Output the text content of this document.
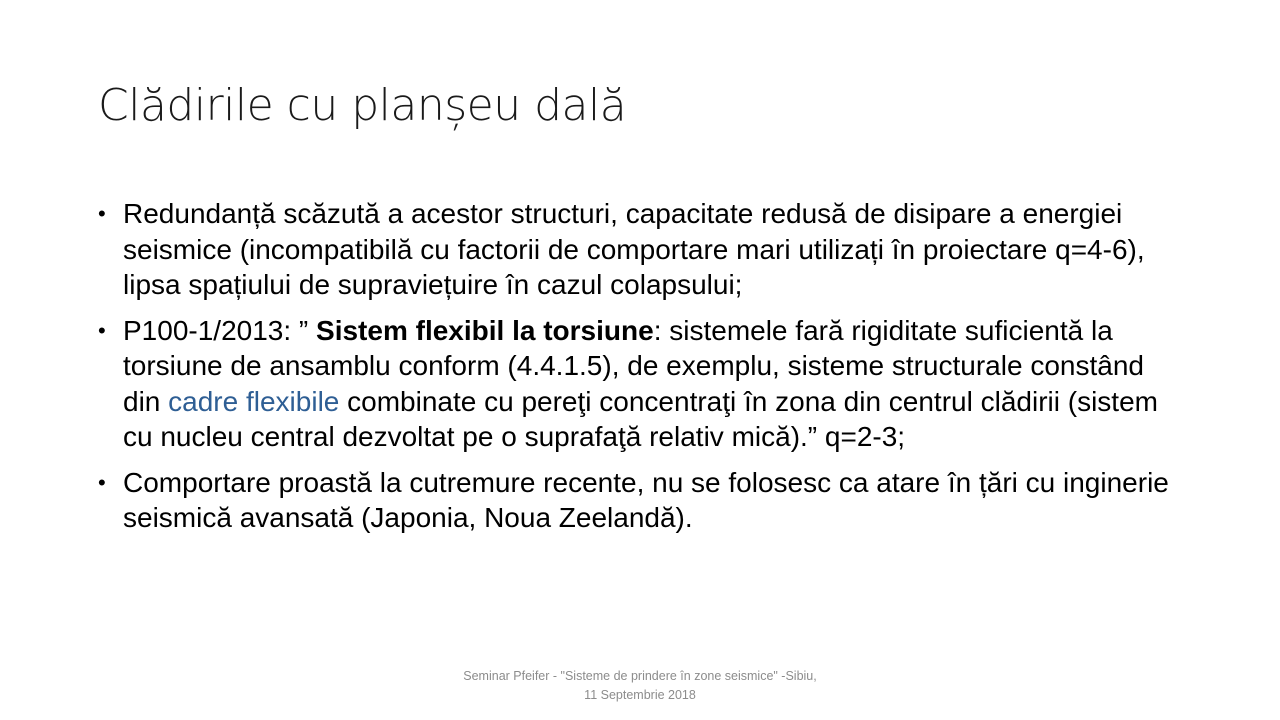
Clădirile cu planșeu dală
• Redundanță scăzută a acestor structuri, capacitate redusă de disipare a energiei seismice (incompatibilă cu factorii de comportare mari utilizați în proiectare q=4-6), lipsa spațiului de supraviețuire în cazul colapsului;
• P100-1/2013: ” Sistem flexibil la torsiune: sistemele fară rigiditate suficientă la torsiune de ansamblu conform (4.4.1.5), de exemplu, sisteme structurale constând din cadre flexibile combinate cu pereţi concentraţi în zona din centrul clădirii (sistem cu nucleu central dezvoltat pe o suprafaţă relativ mică).” q=2-3;
• Comportare proastă la cutremure recente, nu se folosesc ca atare în țări cu inginerie seismică avansată (Japonia, Noua Zeelandă).
Seminar Pfeifer - "Sisteme de prindere în zone seismice" -Sibiu,
11 Septembrie 2018
